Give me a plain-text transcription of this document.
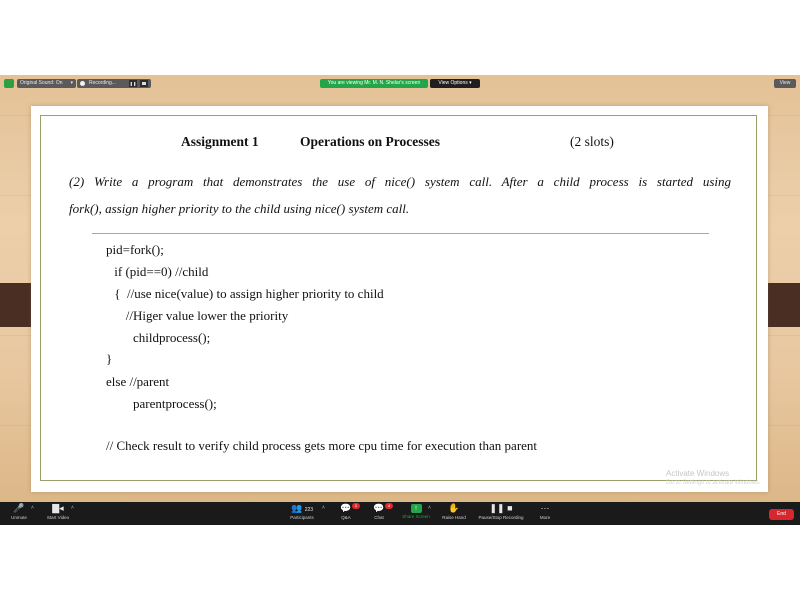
Original Sound: On ▾	Recording...	❚❚	You are viewing Mr. M. N. Shelar's screen	View Options ▾	View
Assignment 1	Operations on Processes	(2 slots)
(2) Write a program that demonstrates the use of nice() system call. After a child process is started using
fork(), assign higher priority to the child using nice() system call.
pid=fork();
if (pid==0) //child
{  //use nice(value) to assign higher priority to child
//Higer value lower the priority
childprocess();
}
else //parent
parentprocess();
// Check result to verify child process gets more cpu time for execution than parent
Activate Windows
Go to Settings to activate Windows.
🎤
Unmute
˄	▇◂
Start Video
˄	👥 223
Participants
˄	💬 2
Q&A
💬 4
Chat
↑
Share Screen
˄	✋
Raise Hand
❚❚ ■
Pause/Stop Recording
···
More
End
